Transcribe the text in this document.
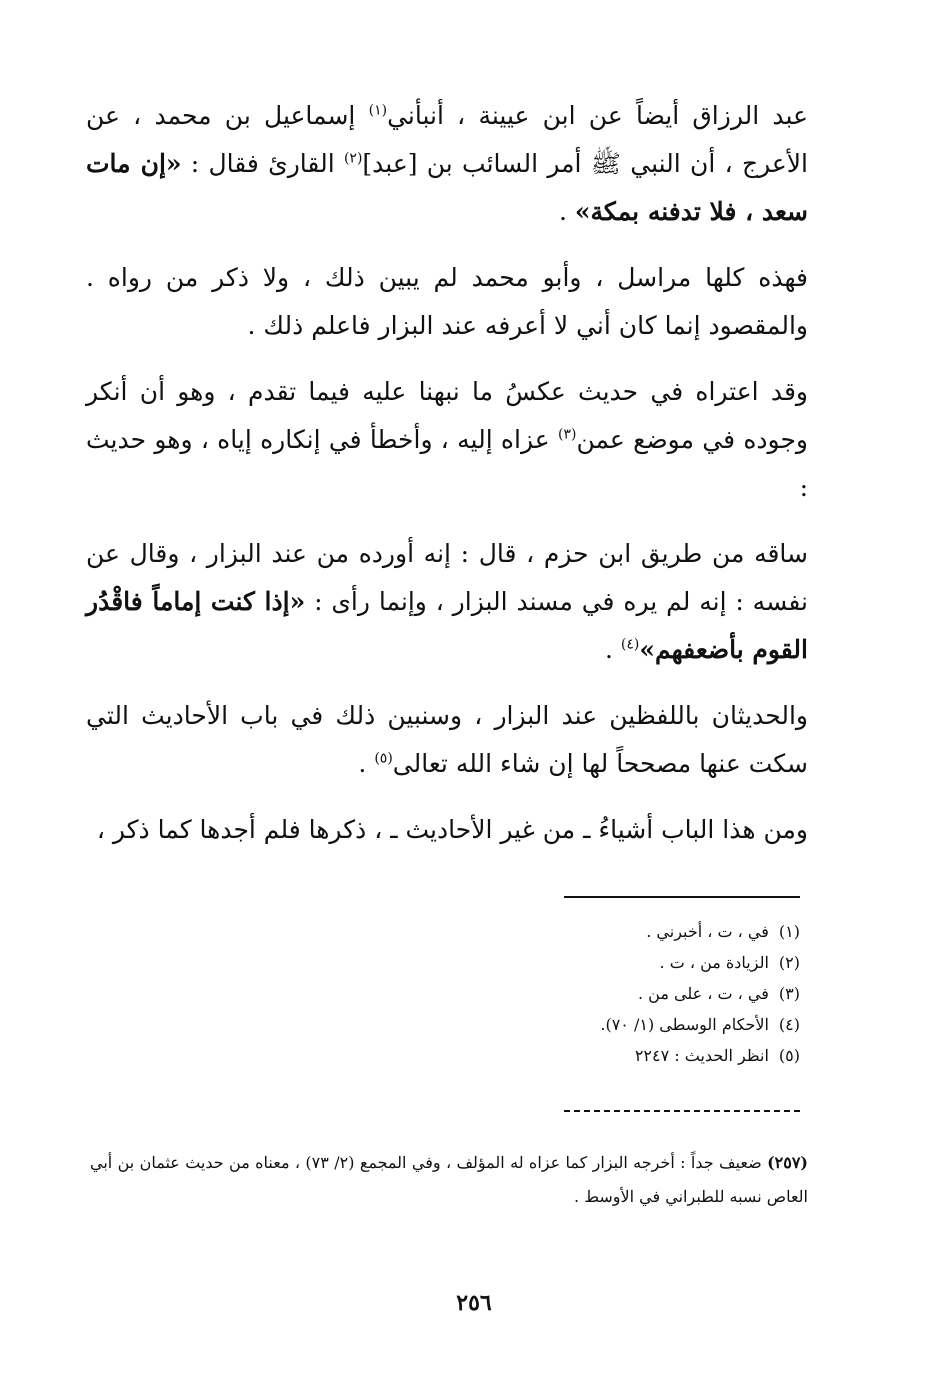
عبد الرزاق أيضاً عن ابن عيينة ، أنبأني$^{(١)}$ إسماعيل بن محمد ، عن الأعرج ، أن النبي ﷺ أمر السائب بن [عبد]$^{(٢)}$ القارئ فقال : «إن مات سعد ، فلا تدفنه بمكة» .

فهذه كلها مراسل ، وأبو محمد لم يبين ذلك ، ولا ذكر من رواه . والمقصود إنما كان أني لا أعرفه عند البزار فاعلم ذلك .

وقد اعتراه في حديث عكسُ ما نبهنا عليه فيما تقدم ، وهو أن أنكر وجوده في موضع عمن$^{(٣)}$ عزاه إليه ، وأخطأ في إنكاره إياه ، وهو حديث :

ساقه من طريق ابن حزم ، قال : إنه أورده من عند البزار ، وقال عن نفسه : إنه لم يره في مسند البزار ، وإنما رأى : «إذا كنت إماماً فاقْدُر القوم بأضعفهم»$^{(٤)}$ .

والحديثان باللفظين عند البزار ، وسنبين ذلك في باب الأحاديث التي سكت عنها مصححاً لها إن شاء الله تعالى$^{(٥)}$ .

ومن هذا الباب أشياءُ ـ من غير الأحاديث ـ ، ذكرها فلم أجدها كما ذكر ،

(١) في ، ت ، أخبرني .
(٢) الزيادة من ، ت .
(٣) في ، ت ، على من .
(٤) الأحكام الوسطى (١/ ٧٠).
(٥) انظر الحديث : ٢٢٤٧
(٢٥٧) ضعيف جداً : أخرجه البزار كما عزاه له المؤلف ، وفي المجمع (٢/ ٧٣) ، معناه من حديث عثمان بن أبي العاص نسبه للطبراني في الأوسط .
٢٥٦
